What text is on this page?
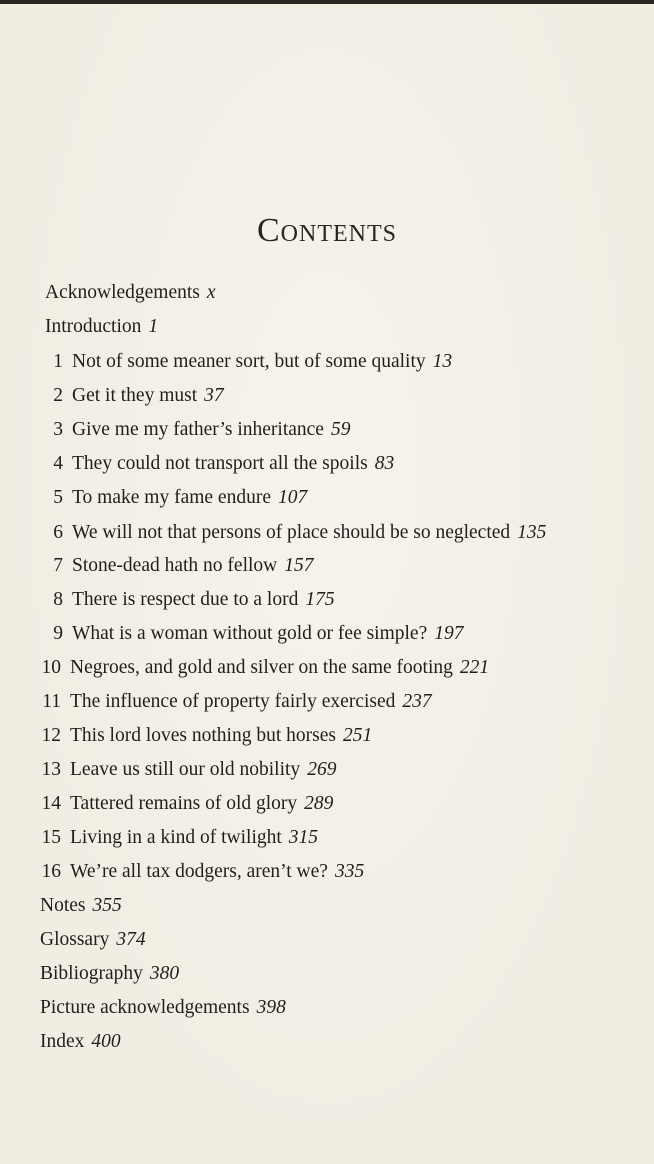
Contents
Acknowledgements x
Introduction 1
1 Not of some meaner sort, but of some quality 13
2 Get it they must 37
3 Give me my father’s inheritance 59
4 They could not transport all the spoils 83
5 To make my fame endure 107
6 We will not that persons of place should be so neglected 135
7 Stone-dead hath no fellow 157
8 There is respect due to a lord 175
9 What is a woman without gold or fee simple? 197
10 Negroes, and gold and silver on the same footing 221
11 The influence of property fairly exercised 237
12 This lord loves nothing but horses 251
13 Leave us still our old nobility 269
14 Tattered remains of old glory 289
15 Living in a kind of twilight 315
16 We’re all tax dodgers, aren’t we? 335
Notes 355
Glossary 374
Bibliography 380
Picture acknowledgements 398
Index 400
